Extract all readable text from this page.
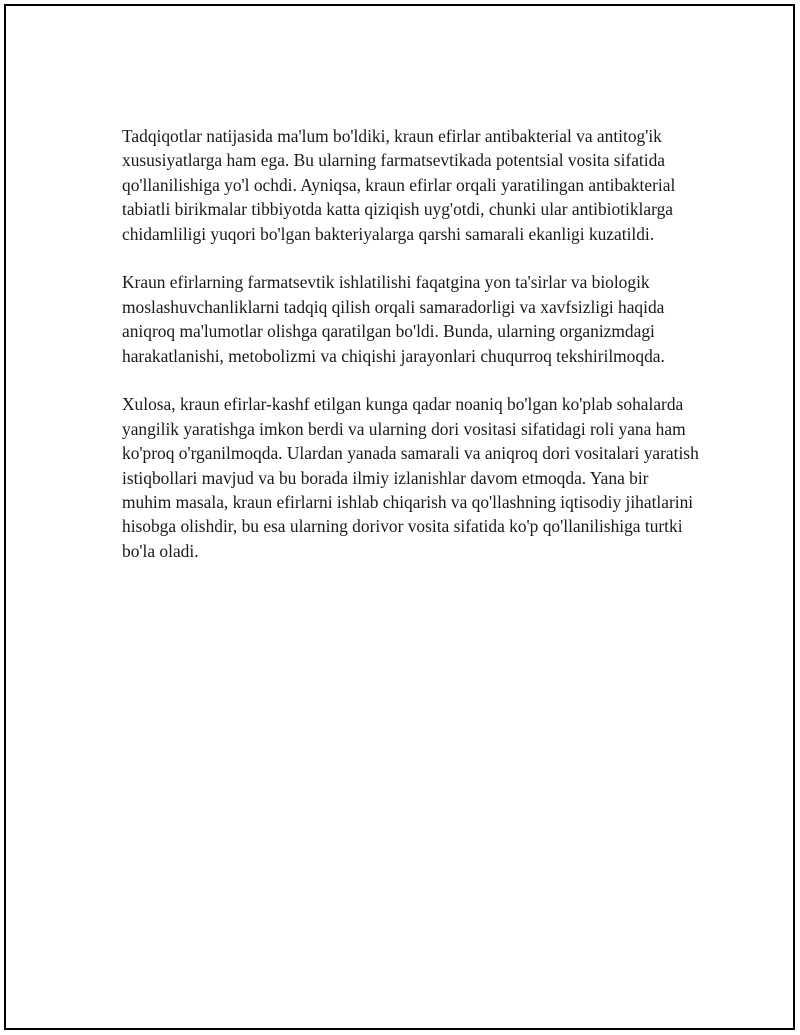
Tadqiqotlar natijasida ma'lum bo'ldiki, kraun efirlar antibakterial va antitog'ik xususiyatlarga ham ega. Bu ularning farmatsevtikada potentsial vosita sifatida qo'llanilishiga yo'l ochdi. Ayniqsa, kraun efirlar orqali yaratilingan antibakterial tabiatli birikmalar tibbiyotda katta qiziqish uyg'otdi, chunki ular antibiotiklarga chidamliligi yuqori bo'lgan bakteriyalarga qarshi samarali ekanligi kuzatildi.

Kraun efirlarning farmatsevtik ishlatilishi faqatgina yon ta'sirlar va biologik moslashuvchanliklarni tadqiq qilish orqali samaradorligi va xavfsizligi haqida aniqroq ma'lumotlar olishga qaratilgan bo'ldi. Bunda, ularning organizmdagi harakatlanishi, metobolizmi va chiqishi jarayonlari chuqurroq tekshirilmoqda.

Xulosa, kraun efirlar-kashf etilgan kunga qadar noaniq bo'lgan ko'plab sohalarda yangilik yaratishga imkon berdi va ularning dori vositasi sifatidagi roli yana ham ko'proq o'rganilmoqda. Ulardan yanada samarali va aniqroq dori vositalari yaratish istiqbollari mavjud va bu borada ilmiy izlanishlar davom etmoqda. Yana bir muhim masala, kraun efirlarni ishlab chiqarish va qo'llashning iqtisodiy jihatlarini hisobga olishdir, bu esa ularning dorivor vosita sifatida ko'p qo'llanilishiga turtki bo'la oladi.
